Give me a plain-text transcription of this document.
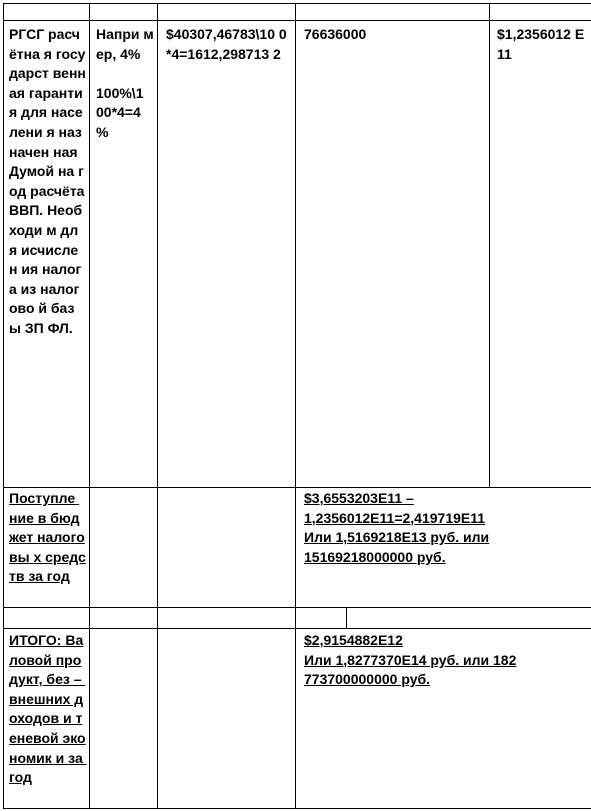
РГСГ расчётна я государст венная гарантия для населени я назначен ная Думой на год расчёта ВВП. Необходи м для исчислен ия налога из налогово й базы ЗП ФЛ.
Напри мер, 4%

100%\1 00*4=4 %
$40307,46783\10 0*4=1612,298713 2
76636000	$1,2356012 E11
Поступле ние в бюджет налоговы х средств за год
$3,6553203E11 –
1,2356012E11=2,419719E11
Или 1,5169218E13 руб. или
15169218000000 руб.
ИТОГО: Валовой продукт, без – внешних доходов и теневой экономик и за год
$2,9154882E12
Или 1,8277370E14 руб. или 182
773700000000 руб.
